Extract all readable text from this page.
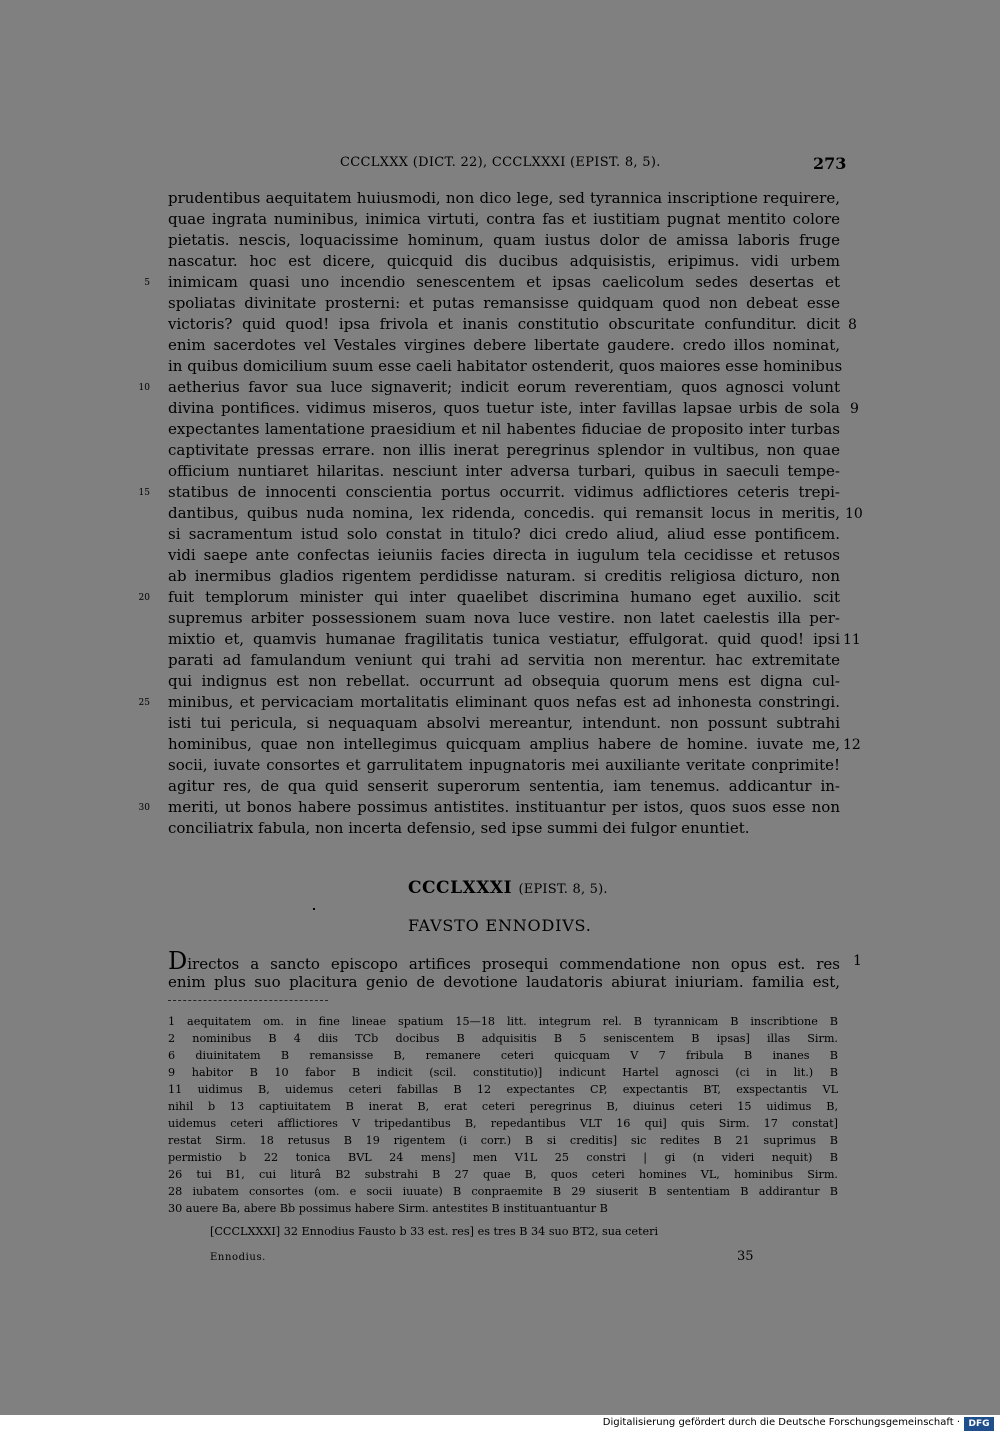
CCCLXXX (DICT. 22), CCCLXXXI (EPIST. 8, 5).	273
prudentibus aequitatem huiusmodi, non dico lege, sed tyrannica inscriptione requirere,
quae ingrata numinibus, inimica virtuti, contra fas et iustitiam pugnat mentito colore
pietatis. nescis, loquacissime hominum, quam iustus dolor de amissa laboris fruge
nascatur. hoc est dicere, quicquid dis ducibus adquisistis, eripimus. vidi urbem
inimicam quasi uno incendio senescentem et ipsas caelicolum sedes desertas et
spoliatas divinitate prosterni: et putas remansisse quidquam quod non debeat esse
victoris? quid quod! ipsa frivola et inanis constitutio obscuritate confunditur. dicit
enim sacerdotes vel Vestales virgines debere libertate gaudere. credo illos nominat,
in quibus domicilium suum esse caeli habitator ostenderit, quos maiores esse hominibus
aetherius favor sua luce signaverit; indicit eorum reverentiam, quos agnosci volunt
divina pontifices. vidimus miseros, quos tuetur iste, inter favillas lapsae urbis de sola
expectantes lamentatione praesidium et nil habentes fiduciae de proposito inter turbas
captivitate pressas errare. non illis inerat peregrinus splendor in vultibus, non quae
officium nuntiaret hilaritas. nesciunt inter adversa turbari, quibus in saeculi tempe-
statibus de innocenti conscientia portus occurrit. vidimus adflictiores ceteris trepi-
dantibus, quibus nuda nomina, lex ridenda, concedis. qui remansit locus in meritis,
si sacramentum istud solo constat in titulo? dici credo aliud, aliud esse pontificem.
vidi saepe ante confectas ieiuniis facies directa in iugulum tela cecidisse et retusos
ab inermibus gladios rigentem perdidisse naturam. si creditis religiosa dicturo, non
fuit templorum minister qui inter quaelibet discrimina humano eget auxilio. scit
supremus arbiter possessionem suam nova luce vestire. non latet caelestis illa per-
mixtio et, quamvis humanae fragilitatis tunica vestiatur, effulgorat. quid quod! ipsi
parati ad famulandum veniunt qui trahi ad servitia non merentur. hac extremitate
qui indignus est non rebellat. occurrunt ad obsequia quorum mens est digna cul-
minibus, et pervicaciam mortalitatis eliminant quos nefas est ad inhonesta constringi.
isti tui pericula, si nequaquam absolvi mereantur, intendunt. non possunt subtrahi
hominibus, quae non intellegimus quicquam amplius habere de homine. iuvate me,
socii, iuvate consortes et garrulitatem inpugnatoris mei auxiliante veritate conprimite!
agitur res, de qua quid senserit superorum sententia, iam tenemus. addicantur in-
meriti, ut bonos habere possimus antistites. instituantur per istos, quos suos esse non
conciliatrix fabula, non incerta defensio, sed ipse summi dei fulgor enuntiet.
5
10
15
20
25
30
8
9
10
11
12
CCCLXXXI (EPIST. 8, 5).
FAVSTO ENNODIVS.
Directos a sancto episcopo artifices prosequi commendatione non opus est. res
enim plus suo placitura genio de devotione laudatoris abiurat iniuriam. familia est,
1
1 aequitatem om. in fine lineae spatium 15—18 litt. integrum rel. B tyrannicam B inscribtione B
2 nominibus B 4 diis TCb docibus B adquisitis B 5 seniscentem B ipsas] illas Sirm.
6 diuinitatem B remansisse B, remanere ceteri quicquam V 7 fribula B inanes B
9 habitor B 10 fabor B indicit (scil. constitutio)] indicunt Hartel agnosci (ci in lit.) B
11 uidimus B, uidemus ceteri fabillas B 12 expectantes CP, expectantis BT, exspectantis VL
nihil b 13 captiuitatem B inerat B, erat ceteri peregrinus B, diuinus ceteri 15 uidimus B,
uidemus ceteri afflictiores V tripedantibus B, repedantibus VLT 16 qui] quis Sirm. 17 constat]
restat Sirm. 18 retusus B 19 rigentem (i corr.) B si creditis] sic redites B 21 suprimus B
permistio b 22 tonica BVL 24 mens] men V1L 25 constri | gi (n videri nequit) B
26 tui B1, cui liturâ B2 substrahi B 27 quae B, quos ceteri homines VL, hominibus Sirm.
28 iubatem consortes (om. e socii iuuate) B conpraemite B 29 siuserit B sententiam B addirantur B
30 auere Ba, abere Bb possimus habere Sirm. antestites B instituantuantur B
[CCCLXXXI] 32 Ennodius Fausto b 33 est. res] es tres B 34 suo BT2, sua ceteri
Ennodius.	35
Digitalisierung gefördert durch die Deutsche Forschungsgemeinschaft · DFG
